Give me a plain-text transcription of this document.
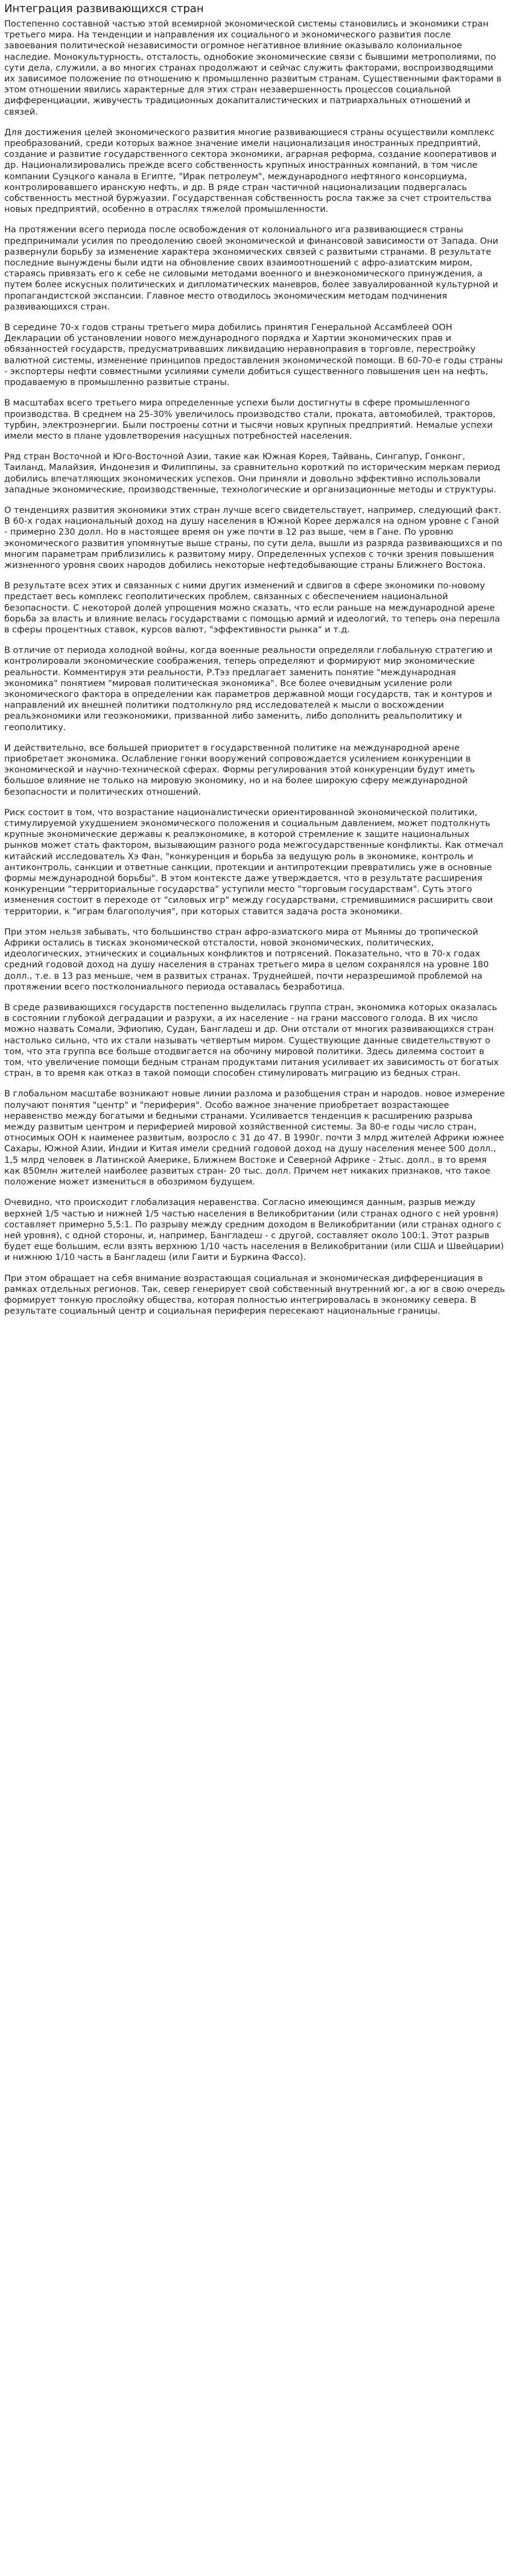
Интеграция развивающихся стран

Постепенно составной частью этой всемирной экономической системы становились и экономики стран третьего мира. На тенденции и направления их социального и экономического развития после завоевания политической независимости огромное негативное влияние оказывало колониальное наследие. Монокультурность, отсталость, однобокие экономические связи с бывшими метрополиями, по сути дела, служили, а во многих странах продолжают и сейчас служить факторами, воспроизводящими их зависимое положение по отношению к промышленно развитым странам. Существенными факторами в этом отношении явились характерные для этих стран незавершенность процессов социальной дифференциации, живучесть традиционных докапиталистических и патриархальных отношений и связей.

Для достижения целей экономического развития многие развивающиеся страны осуществили комплекс преобразований, среди которых важное значение имели национализация иностранных предприятий, создание и развитие государственного сектора экономики, аграрная реформа, создание кооперативов и др. Национализировались прежде всего собственность крупных иностранных компаний, в том числе компании Суэцкого канала в Египте, "Ирак петролеум", международного нефтяного консорциума, контролировавшего иранскую нефть, и др. В ряде стран частичной национализации подвергалась собственность местной буржуазии. Государственная собственность росла также за счет строительства новых предприятий, особенно в отраслях тяжелой промышленности.

На протяжении всего периода после освобождения от колониального ига развивающиеся страны предпринимали усилия по преодолению своей экономической и финансовой зависимости от Запада. Они развернули борьбу за изменение характера экономических связей с развитыми странами. В результате последние вынуждены были идти на обновление своих взаимоотношений с афро-азиатским миром, стараясь привязать его к себе не силовыми методами военного и внеэкономического принуждения, а путем более искусных политических и дипломатических маневров, более завуалированной культурной и пропагандистской экспансии. Главное место отводилось экономическим методам подчинения развивающихся стран.

В середине 70-х годов страны третьего мира добились принятия Генеральной Ассамблеей ООН Декларации об установлении нового международного порядка и Хартии экономических прав и обязанностей государств, предусматривавших ликвидацию неравноправия в торговле, перестройку валютной системы, изменение принципов предоставления экономической помощи. В 60-70-е годы страны - экспортеры нефти совместными усилиями сумели добиться существенного повышения цен на нефть, продаваемую в промышленно развитые страны.

В масштабах всего третьего мира определенные успехи были достигнуты в сфере промышленного производства. В среднем на 25-30% увеличилось производство стали, проката, автомобилей, тракторов, турбин, электроэнергии. Были построены сотни и тысячи новых крупных предприятий. Немалые успехи имели место в плане удовлетворения насущных потребностей населения.

Ряд стран Восточной и Юго-Восточной Азии, такие как Южная Корея, Тайвань, Сингапур, Гонконг, Таиланд, Малайзия, Индонезия и Филиппины, за сравнительно короткий по историческим меркам период добились впечатляющих экономических успехов. Они приняли и довольно эффективно использовали западные экономические, производственные, технологические и организационные методы и структуры.

О тенденциях развития экономики этих стран лучше всего свидетельствует, например, следующий факт. В 60-х годах национальный доход на душу населения в Южной Корее держался на одном уровне с Ганой - примерно 230 долл. Но в настоящее время он уже почти в 12 раз выше, чем в Гане. По уровню экономического развития упомянутые выше страны, по сути дела, вышли из разряда развивающихся и по многим параметрам приблизились к развитому миру. Определенных успехов с точки зрения повышения жизненного уровня своих народов добились некоторые нефтедобывающие страны Ближнего Востока.

В результате всех этих и связанных с ними других изменений и сдвигов в сфере экономики по-новому предстает весь комплекс геополитических проблем, связанных с обеспечением национальной безопасности. С некоторой долей упрощения можно сказать, что если раньше на международной арене борьба за власть и влияние велась государствами с помощью армий и идеологий, то теперь она перешла в сферы процентных ставок, курсов валют, "эффективности рынка" и т.д.

В отличие от периода холодной войны, когда военные реальности определяли глобальную стратегию и контролировали экономические соображения, теперь определяют и формируют мир экономические реальности. Комментируя эти реальности, Р.Тэз предлагает заменить понятие "международная экономика" понятием "мировая политическая экономика". Все более очевидным усиление роли экономического фактора в определении как параметров державной мощи государств, так и контуров и направлений их внешней политики подтолкнуло ряд исследователей к мысли о восхождении реальэкономики или геоэкономики, призванной либо заменить, либо дополнить реальполитику и геополитику.

И действительно, все большей приоритет в государственной политике на международной арене приобретает экономика. Ослабление гонки вооружений сопровождается усилением конкуренции в экономической и научно-технической сферах. Формы регулирования этой конкуренции будут иметь большое влияние не только на мировую экономику, но и на более широкую сферу международной безопасности и политических отношений.

Риск состоит в том, что возрастание националистически ориентированной экономической политики, стимулируемой ухудшением экономического положения и социальным давлением, может подтолкнуть крупные экономические державы к реалэкономике, в которой стремление к защите национальных рынков может стать фактором, вызывающим разного рода межгосударственные конфликты. Как отмечал китайский исследователь Хэ Фан, "конкуренция и борьба за ведущую роль в экономике, контроль и антиконтроль, санкции и ответные санкции, протекции и антипротекции превратились уже в основные формы международной борьбы". В этом контексте даже утверждается, что в результате расширения конкуренции "территориальные государства" уступили место "торговым государствам". Суть этого изменения состоит в переходе от "силовых игр" между государствами, стремившимися расширить свои территории, к "играм благополучия", при которых ставится задача роста экономики.

При этом нельзя забывать, что большинство стран афро-азиатского мира от Мьянмы до тропической Африки остались в тисках экономической отсталости, новой экономических, политических, идеологических, этнических и социальных конфликтов и потрясений. Показательно, что в 70-х годах средний годовой доход на душу населения в странах третьего мира в целом сохранялся на уровне 180 долл., т.е. в 13 раз меньше, чем в развитых странах. Труднейшей, почти неразрешимой проблемой на протяжении всего постколониального периода оставалась безработица.

В среде развивающихся государств постепенно выделилась группа стран, экономика которых оказалась в состоянии глубокой деградации и разрухи, а их население - на грани массового голода. В их число можно назвать Сомали, Эфиопию, Судан, Бангладеш и др. Они отстали от многих развивающихся стран настолько сильно, что их стали называть четвертым миром. Существующие данные свидетельствуют о том, что эта группа все больше отодвигается на обочину мировой политики. Здесь дилемма состоит в том, что увеличение помощи бедным странам продуктами питания усиливает их зависимость от богатых стран, в то время как отказ в такой помощи способен стимулировать миграцию из бедных стран.

В глобальном масштабе возникают новые линии разлома и разобщения стран и народов. новое измерение получают понятия "центр" и "периферия". Особо важное значение приобретает возрастающее неравенство между богатыми и бедными странами. Усиливается тенденция к расширению разрыва между развитым центром и периферией мировой хозяйственной системы. За 80-е годы число стран, относимых ООН к наименее развитым, возросло с 31 до 47. В 1990г. почти 3 млрд жителей Африки южнее Сахары, Южной Азии, Индии и Китая имели средний годовой доход на душу населения менее 500 долл., 1,5 млрд человек в Латинской Америке, Ближнем Востоке и Северной Африке - 2тыс. долл., в то время как 850млн жителей наиболее развитых стран- 20 тыс. долл. Причем нет никаких признаков, что такое положение может измениться в обозримом будущем.

Очевидно, что происходит глобализация неравенства. Согласно имеющимся данным, разрыв между верхней 1/5 частью и нижней 1/5 частью населения в Великобритании (или странах одного с ней уровня) составляет примерно 5,5:1. По разрыву между средним доходом в Великобритании (или странах одного с ней уровня), с одной стороны, и, например, Бангладеш - с другой, составляет около 100:1. Этот разрыв будет еще большим, если взять верхнюю 1/10 часть населения в Великобритании (или США и Швейцарии) и нижнюю 1/10 часть в Бангладеш (или Гаити и Буркина Фассо).

При этом обращает на себя внимание возрастающая социальная и экономическая дифференциация в рамках отдельных регионов. Так, север генерирует свой собственный внутренний юг, а юг в свою очередь формирует тонкую прослойку общества, которая полностью интегрировалась в экономику севера. В результате социальный центр и социальная периферия пересекают национальные границы.
